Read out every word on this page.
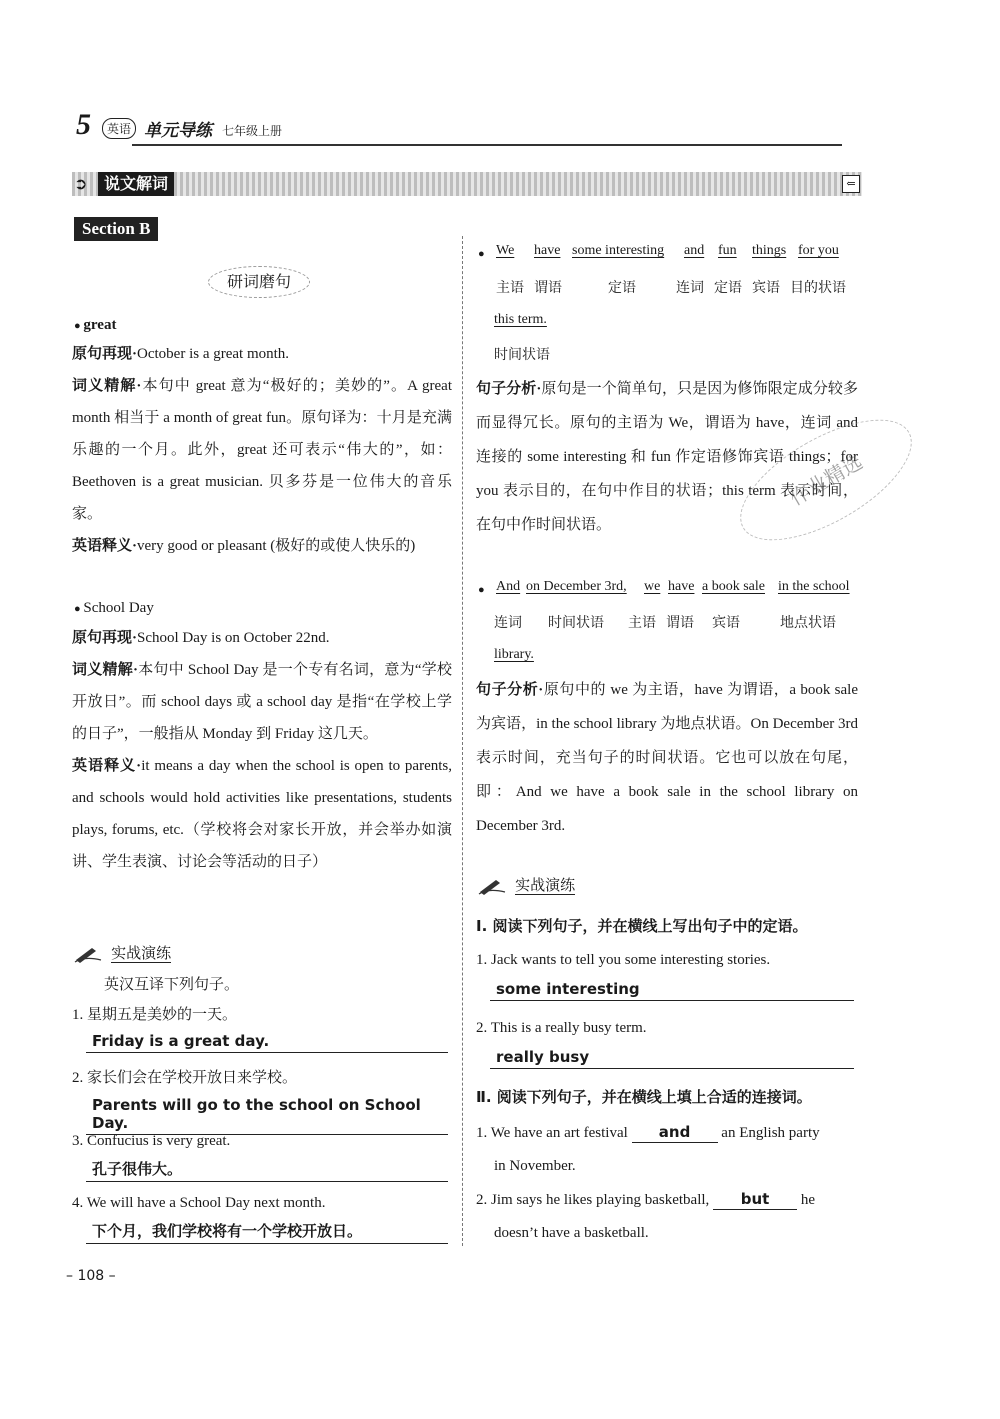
5	英语 单元导练 七年级上册
➲	说文解词	⇐
Section B
研词磨句
● great
原句再现·October is a great month.
词义精解·本句中 great 意为“极好的；美妙的”。A great month 相当于 a month of great fun。原句译为：十月是充满乐趣的一个月。此外，great 还可表示“伟大的”，如：Beethoven is a great musician. 贝多芬是一位伟大的音乐家。
英语释义·very good or pleasant (极好的或使人快乐的)
● School Day
原句再现·School Day is on October 22nd.
词义精解·本句中 School Day 是一个专有名词，意为“学校开放日”。而 school days 或 a school day 是指“在学校上学的日子”，一般指从 Monday 到 Friday 这几天。
英语释义·it means a day when the school is open to parents, and schools would hold activities like presentations, students plays, forums, etc.（学校将会对家长开放，并会举办如演讲、学生表演、讨论会等活动的日子）
实战演练
英汉互译下列句子。
1. 星期五是美妙的一天。
Friday is a great day.
2. 家长们会在学校开放日来学校。
Parents will go to the school on School Day.
3. Confucius is very great.
孔子很伟大。
4. We will have a School Day next month.
下个月，我们学校将有一个学校开放日。
●
We have some interesting and fun things for you
主语 谓语	定语	连词 定语 宾语 目的状语
this term.
时间状语
句子分析·原句是一个简单句，只是因为修饰限定成分较多而显得冗长。原句的主语为 We，谓语为 have，连词 and 连接的 some interesting 和 fun 作定语修饰宾语 things；for you 表示目的，在句中作目的状语；this term 表示时间，在句中作时间状语。
●
And on December 3rd, we have a book sale in the school
连词 时间状语 主语 谓语 宾语	地点状语
library.
句子分析·原句中的 we 为主语，have 为谓语，a book sale 为宾语，in the school library 为地点状语。On December 3rd 表示时间，充当句子的时间状语。它也可以放在句尾，即：And we have a book sale in the school library on December 3rd.
实战演练
Ⅰ. 阅读下列句子，并在横线上写出句子中的定语。
1. Jack wants to tell you some interesting stories.
some interesting
2. This is a really busy term.
really busy
Ⅱ. 阅读下列句子，并在横线上填上合适的连接词。
1. We have an art festival and an English party
in November.
2. Jim says he likes playing basketball, but he
doesn’t have a basketball.
作业精选
– 108 –
